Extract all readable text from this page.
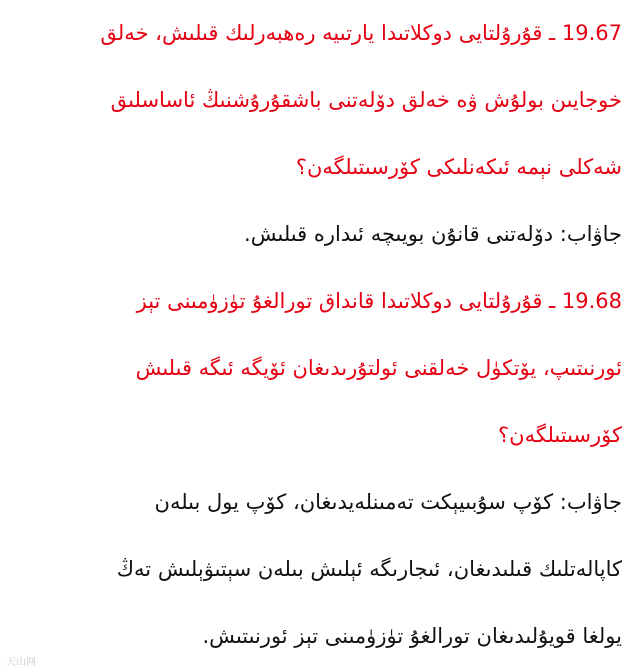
19.67 ـ قۇرۇلتايى دوكلاتىدا يارتىيە رەھبەرلىك قىلىش، خەلق
خوجايىن بولۇش ۋە خەلق دۆلەتنى باشقۇرۇشنىڭ ئاساسلىق
شەكلى نېمە ئىكەنلىكى كۆرسىتىلگەن؟
جاۋاب: دۆلەتنى قانۇن بويىچە ئىدارە قىلىش.
19.68 ـ قۇرۇلتايى دوكلاتىدا قانداق تورالغۇ تۈزۈمىنى تېز
ئورنىتىپ، يۆتكۈل خەلقنى ئولتۇرىدىغان ئۆيگە ئىگە قىلىش
كۆرسىتىلگەن؟
جاۋاب: كۆپ سۇبىيېكت تەمىنلەيدىغان، كۆپ يول بىلەن
كاپالەتلىك قىلىدىغان، ئىجارىگە ئېلىش بىلەن سېتىۋېلىش تەڭ
يولغا قويۇلىدىغان تورالغۇ تۈزۈمىنى تېز ئورنىتىش.
天山网
